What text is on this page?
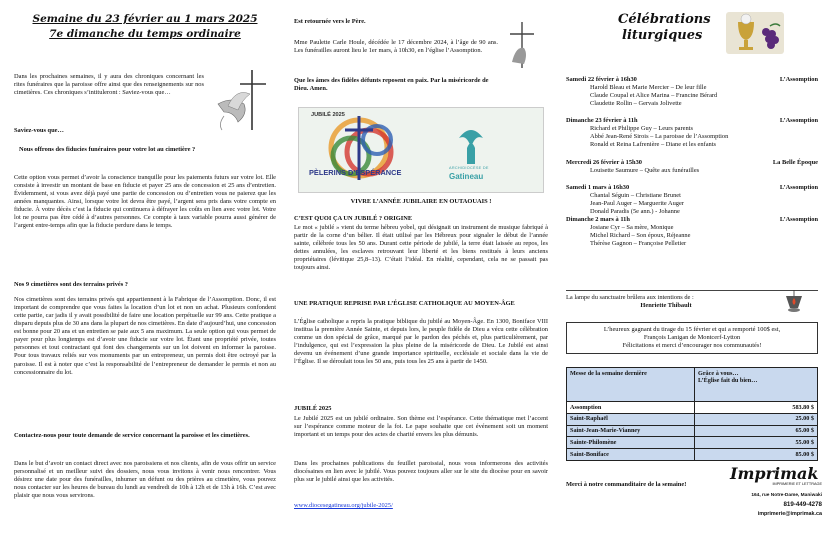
Semaine du 23 février au 1 mars 2025
7e dimanche du temps ordinaire

Dans les prochaines semaines, il y aura des chroniques concernant les rites funéraires que la paroisse offre ainsi que des renseignements sur nos cimetières. Ces chroniques s’intituleront : Saviez-vous que…

Saviez-vous que…

Nous offrons des fiducies funéraires pour votre lot au cimetière ?

Cette option vous permet d’avoir la conscience tranquille pour les paiements futurs sur votre lot. Elle consiste à investir un montant de base en fiducie et payer 25 ans de concession et 25 ans d’entretien. Évidemment, si vous avez déjà payé une partie de concession ou d’entretien vous ne paierez que les années manquantes. Ainsi, lorsque votre lot devra être payé, l’argent sera pris dans votre compte en fiducie. À votre décès c’est la fiducie qui continuera à défrayer les coûts en lien avec votre lot. Votre lot ne pourra pas être cédé à d’autres personnes. Ce compte à taux variable pourra aussi générer de l’argent entre-temps afin que la fiducie perdure dans le temps.

Nos 9 cimetières sont des terrains privés ?

Nos cimetières sont des terrains privés qui appartiennent à la Fabrique de l’Assomption. Donc, il est important de comprendre que vous faites la location d’un lot et non un achat. Plusieurs confondent cette partie, car jadis il y avait possibilité de faire une location perpétuelle sur 99 ans. Cette pratique a disparu depuis plus de 30 ans dans la plupart de nos cimetières. En date d’aujourd’hui, une concession est bonne pour 20 ans et un entretien se paie aux 5 ans maximum. La seule option qui vous permet de payer pour plus longtemps est d’avoir une fiducie sur votre lot. Étant une propriété privée, toutes personnes et tout contractant qui font des changements sur un lot doivent en informer la paroisse. Pour tous travaux reliés sur vos monuments par un entrepreneur, un permis doit être octroyé par la paroisse. Il est à noter que c’est la responsabilité de l’entrepreneur de demander le permis et non au concessionnaire du lot.

Contactez-nous pour toute demande de service concernant la paroisse et les cimetières.

Dans le but d’avoir un contact direct avec nos paroissiens et nos clients, afin de vous offrir un service personnalisé et un meilleur suivi des dossiers, nous vous invitons à venir nous rencontrer. Vous désirez une date pour des funérailles, inhumer un défunt ou des prières au cimetière, vous pouvez nous contacter sur les heures de bureau du lundi au vendredi de 10h à 12h et de 13h à 16h. C’est avec plaisir que nous vous servirons.

Est retournée vers le Père.

Mme Paulette Carle Houle, décédée le 17 décembre 2024, à l’âge de 90 ans. Les funérailles auront lieu le 1er mars, à 10h30, en l’église l’Assomption.

Que les âmes des fidèles défunts reposent en paix. Par la miséricorde de Dieu. Amen.

JUBILÉ 2025
PÈLERINS D’ESPÉRANCE	ARCHIDIOCÈSE DE
Gatineau
VIVRE L’ANNÉE JUBILAIRE EN OUTAOUAIS !
C’EST QUOI ÇA UN JUBILÉ ? ORIGINE

Le mot « jubilé » vient du terme hébreu yobel, qui désignait un instrument de musique fabriqué à partir de la corne d’un bélier. Il était utilisé par les Hébreux pour signaler le début de l’année sainte, célébrée tous les 50 ans. Durant cette période de jubilé, la terre était laissée au repos, les dettes annulées, les esclaves retrouvant leur liberté et les biens restitués à leurs anciens propriétaires (lévitique 25,8–13). C’était l’idéal. En réalité, cependant, cela ne se passait pas toujours ainsi.

UNE PRATIQUE REPRISE PAR L’ÉGLISE CATHOLIQUE AU MOYEN-ÂGE

L’Église catholique a repris la pratique biblique du jubilé au Moyen-Âge. En 1300, Boniface VIII institua la première Année Sainte, et depuis lors, le peuple fidèle de Dieu a vécu cette célébration comme un don spécial de grâce, marqué par le pardon des péchés et, plus particulièrement, par l’indulgence, qui est l’expression la plus pleine de la miséricorde de Dieu. Le Jubilé est ainsi devenu un événement d’une grande importance spirituelle, ecclésiale et sociale dans la vie de l’Église. Il se déroulait tous les 50 ans, puis tous les 25 ans à partir de 1450.

JUBILÉ 2025

Le Jubilé 2025 est un jubilé ordinaire. Son thème est l’espérance. Cette thématique met l’accent sur l’espérance comme moteur de la foi. Le pape souhaite que cet événement soit un moment important et un temps pour des actes de charité envers les plus démunis.

Dans les prochaines publications du feuillet paroissial, nous vous informerons des activités diocésaines en lien avec le jubilé. Vous pouvez toujours aller sur le site du diocèse pour en savoir plus sur le jubilé ainsi que les activités.

www.diocesegatineau.org/jubile-2025/
Célébrations
liturgiques
Samedi 22 février à 16h30	L’Assomption
Harold Bleau et Marie Mercier – De leur fille
Claude Coupal et Alice Marina – Francine Bérard
Claudette Rollin – Gervais Jolivette
Dimanche 23 février à 11h	L’Assomption
Richard et Philippe Guy – Leurs parents
Abbé Jean-René Sirois – La paroisse de l’Assomption
Ronald et Reina Lafrenière – Diane et les enfants
Mercredi 26 février à 15h30	La Belle Époque
Louisette Saumure – Quête aux funérailles
Samedi 1 mars à 16h30	L’Assomption
Chantal Séguin – Christiane Brunet
Jean-Paul Auger – Marguerite Auger
Donald Paradis (5e ann.) - Johanne
Dimanche 2 mars à 11h	L’Assomption
Josiane Cyr – Sa mère, Monique
Michel Richard – Son époux, Réjeanne
Thérèse Gagnon – Françoise Pelletier
La lampe du sanctuaire brûlera aux intentions de :
Henriette Thibault
L’heureux gagnant du tirage du 15 février et qui a remporté 100$ est,
François Lanigan de Montcerf-Lytton
Félicitations et merci d’encourager nos communautés!
Messe de la semaine dernière	Grâce à vous…
L’Église fait du bien…

Assomption	583.80 $
Saint-Raphaël	25.00 $
Saint-Jean-Marie-Vianney	65.00 $
Sainte-Philomène	55.00 $
Saint-Boniface	85.00 $
Merci à notre commanditaire de la semaine!
Imprimak
IMPRIMERIE ET LETTRAGE
164, rue Notre-Dame, Maniwaki
819-449-4278
imprimerie@imprimak.ca
